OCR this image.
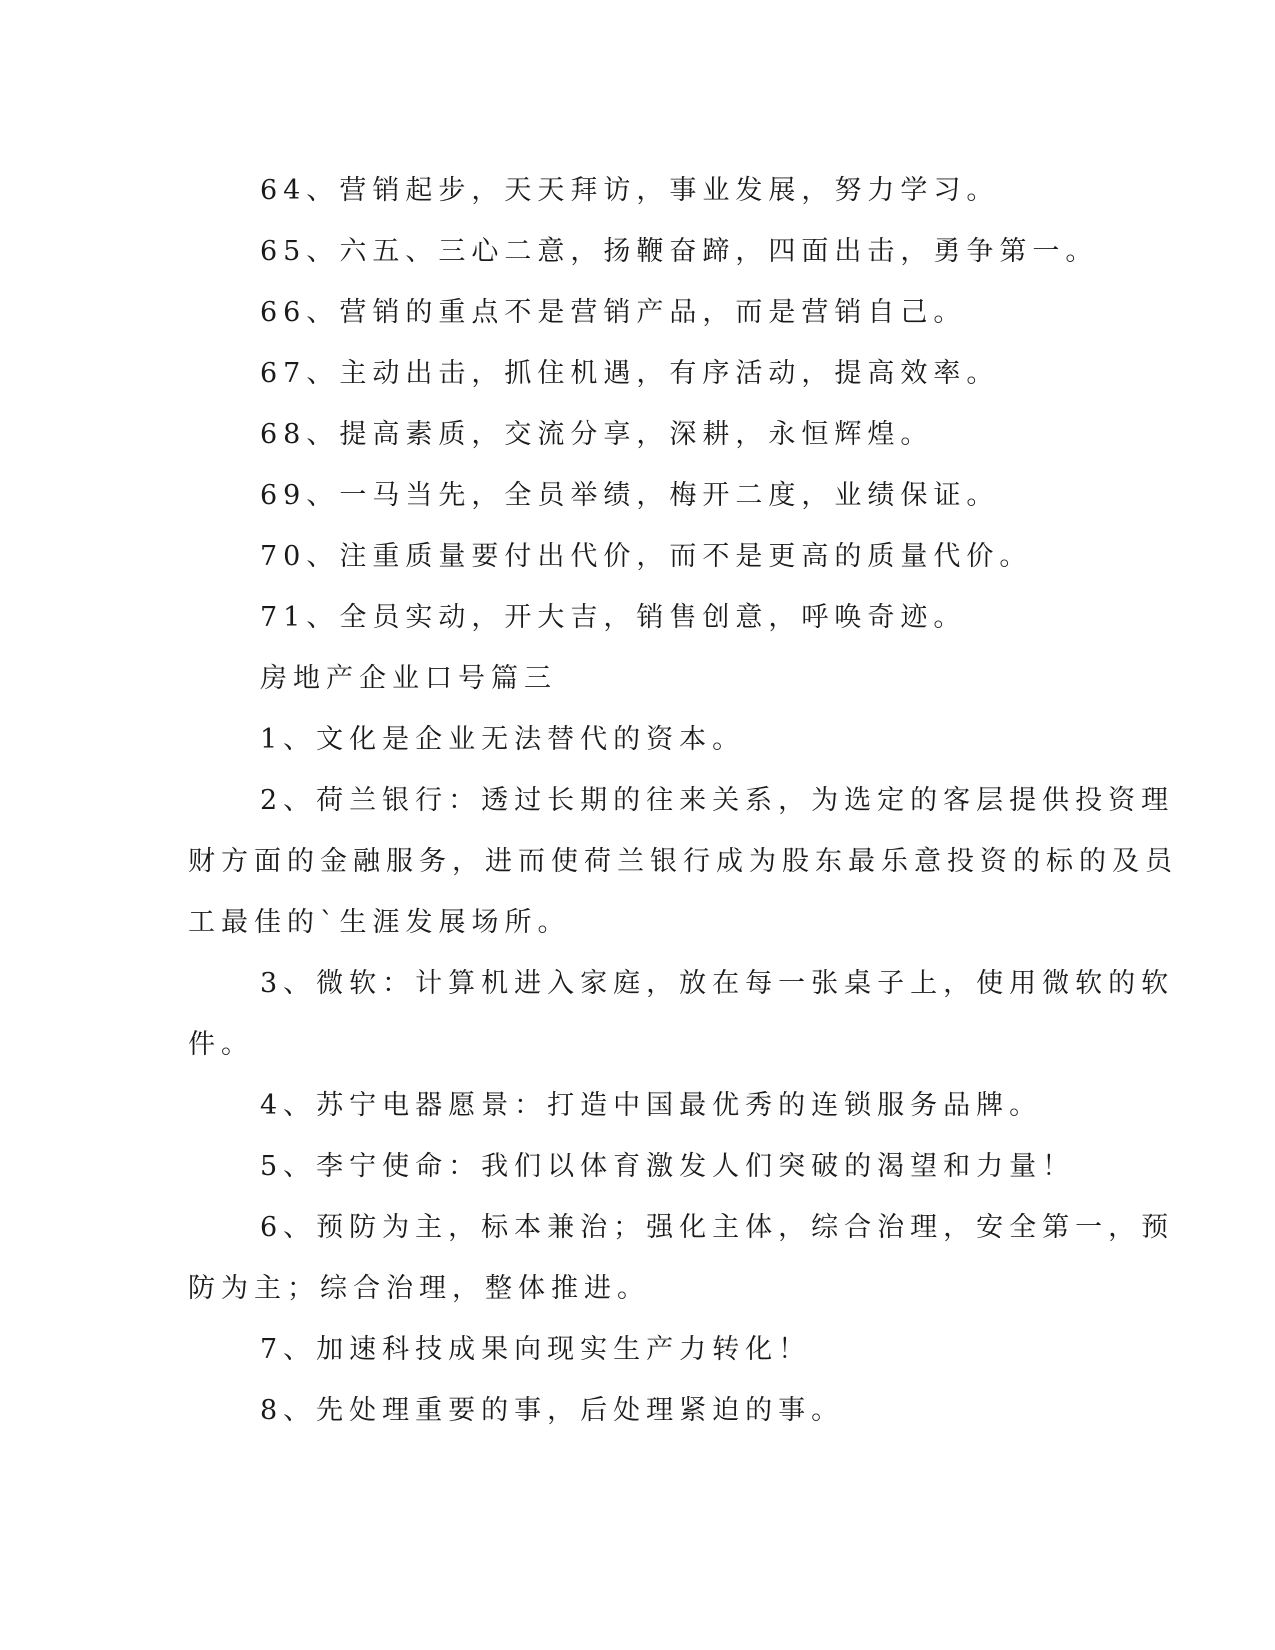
64、营销起步，天天拜访，事业发展，努力学习。

65、六五、三心二意，扬鞭奋蹄，四面出击，勇争第一。

66、营销的重点不是营销产品，而是营销自己。

67、主动出击，抓住机遇，有序活动，提高效率。

68、提高素质，交流分享，深耕，永恒辉煌。

69、一马当先，全员举绩，梅开二度，业绩保证。

70、注重质量要付出代价，而不是更高的质量代价。

71、全员实动，开大吉，销售创意，呼唤奇迹。

房地产企业口号篇三

1、文化是企业无法替代的资本。

2、荷兰银行：透过长期的往来关系，为选定的客层提供投资理

财方面的金融服务，进而使荷兰银行成为股东最乐意投资的标的及员

工最佳的`生涯发展场所。

3、微软：计算机进入家庭，放在每一张桌子上，使用微软的软

件。

4、苏宁电器愿景：打造中国最优秀的连锁服务品牌。

5、李宁使命：我们以体育激发人们突破的渴望和力量！

6、预防为主，标本兼治；强化主体，综合治理，安全第一，预

防为主；综合治理，整体推进。

7、加速科技成果向现实生产力转化！

8、先处理重要的事，后处理紧迫的事。
